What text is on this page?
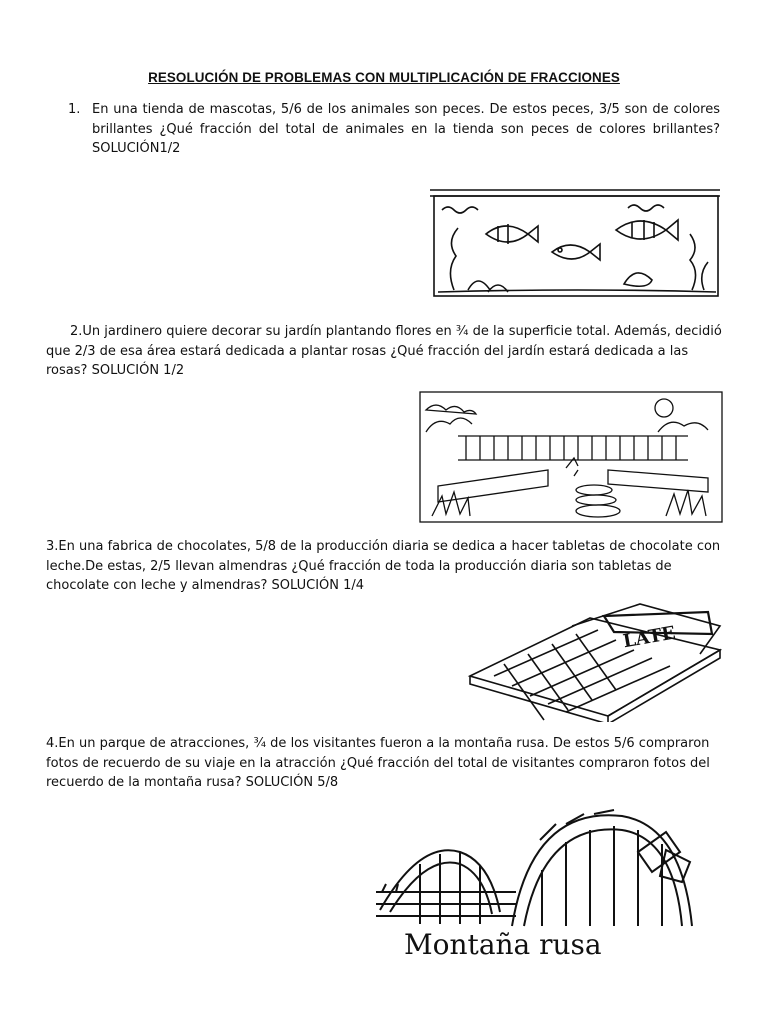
RESOLUCIÓN DE PROBLEMAS CON MULTIPLICACIÓN DE FRACCIONES
1. En una tienda de mascotas, 5/6 de los animales son peces. De estos peces, 3/5 son de colores brillantes ¿Qué fracción del total de animales en la tienda son peces de colores brillantes? SOLUCIÓN1/2
2.Un jardinero quiere decorar su jardín plantando flores en ¾ de la superficie total. Además, decidió que 2/3 de esa área estará dedicada a plantar rosas ¿Qué fracción del jardín estará dedicada a las rosas? SOLUCIÓN 1/2
3.En una fabrica de chocolates, 5/8 de la producción diaria se dedica a hacer tabletas de chocolate con leche.De estas, 2/5 llevan almendras ¿Qué fracción de toda la producción diaria son tabletas de chocolate con leche y almendras? SOLUCIÓN 1/4
LATE
4.En un parque de atracciones, ¾ de los visitantes fueron a la montaña rusa. De estos 5/6 compraron fotos de recuerdo de su viaje en la atracción ¿Qué fracción del total de visitantes compraron fotos del recuerdo de la montaña rusa? SOLUCIÓN 5/8
Montaña rusa
